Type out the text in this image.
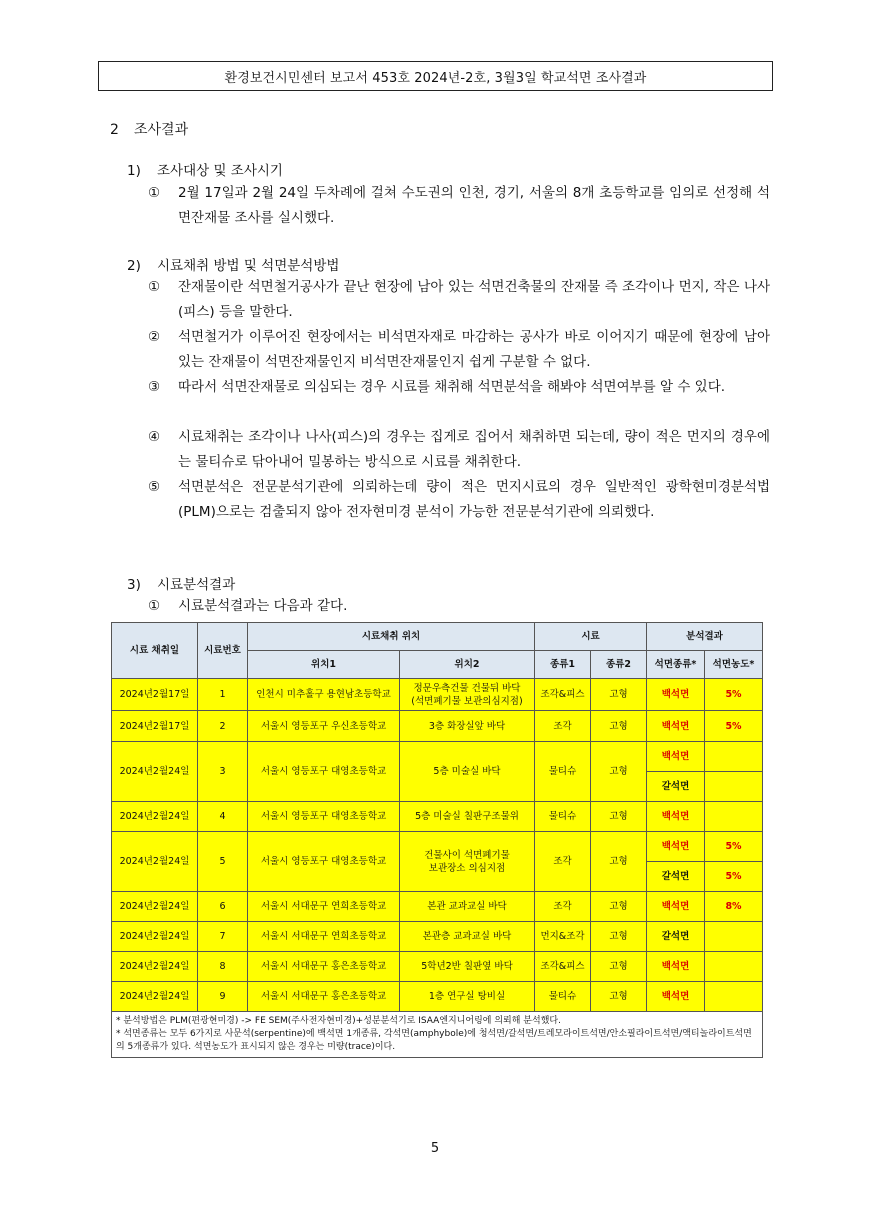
환경보건시민센터 보고서 453호 2024년-2호, 3월3일 학교석면 조사결과
2 조사결과
1) 조사대상 및 조사시기
①	2월 17일과 2월 24일 두차례에 걸쳐 수도권의 인천, 경기, 서울의 8개 초등학교를 임의로 선정해 석면잔재물 조사를 실시했다.
2) 시료채취 방법 및 석면분석방법
①	잔재물이란 석면철거공사가 끝난 현장에 남아 있는 석면건축물의 잔재물 즉 조각이나 먼지, 작은 나사(피스) 등을 말한다.
②	석면철거가 이루어진 현장에서는 비석면자재로 마감하는 공사가 바로 이어지기 때문에 현장에 남아 있는 잔재물이 석면잔재물인지 비석면잔재물인지 쉽게 구분할 수 없다.
③	따라서 석면잔재물로 의심되는 경우 시료를 채취해 석면분석을 해봐야 석면여부를 알 수 있다.
④	시료채취는 조각이나 나사(피스)의 경우는 집게로 집어서 채취하면 되는데, 량이 적은 먼지의 경우에는 물티슈로 닦아내어 밀봉하는 방식으로 시료를 채취한다.
⑤	석면분석은 전문분석기관에 의뢰하는데 량이 적은 먼지시료의 경우 일반적인 광학현미경분석법(PLM)으로는 검출되지 않아 전자현미경 분석이 가능한 전문분석기관에 의뢰했다.
3) 시료분석결과
①	시료분석결과는 다음과 같다.
시료 채취일	시료번호	시료채취 위치		시료		분석결과	
		위치1	위치2	종류1	종류2	석면종류*	석면농도*
2024년2월17일	1	인천시 미추홀구 용현남초등학교	정문우측건물 건물뒤 바닥
(석면폐기물 보관의심지점)	조각&피스	고형	백석면	5%
2024년2월17일	2	서울시 영등포구 우신초등학교	3층 화장실앞 바닥	조각	고형	백석면	5%
2024년2월24일	3	서울시 영등포구 대영초등학교	5층 미술실 바닥	물티슈	고형	백석면	
						갈석면	
2024년2월24일	4	서울시 영등포구 대영초등학교	5층 미술실 칠판구조물위	물티슈	고형	백석면	
2024년2월24일	5	서울시 영등포구 대영초등학교	건물사이 석면폐기물
보관장소 의심지점	조각	고형	백석면	5%
						갈석면	5%
2024년2월24일	6	서울시 서대문구 연희초등학교	본관 교과교실 바닥	조각	고형	백석면	8%
2024년2월24일	7	서울시 서대문구 연희초등학교	본관층 교과교실 바닥	먼지&조각	고형	갈석면	
2024년2월24일	8	서울시 서대문구 홍은초등학교	5학년2반 칠판옆 바닥	조각&피스	고형	백석면	
2024년2월24일	9	서울시 서대문구 홍은초등학교	1층 연구실 탕비실	물티슈	고형	백석면	

* 분석방법은 PLM(편광현미경) -> FE SEM(주사전자현미경)+성분분석기로 ISAA엔지니어링에 의뢰해 분석했다.
* 석면종류는 모두 6가지로 사문석(serpentine)에 백석면 1개종류, 각석면(amphybole)에 청석면/갈석면/트레모라이트석면/안소필라이트석면/액티놀라이트석면의 5개종류가 있다. 석면농도가 표시되지 않은 경우는 미량(trace)이다.							
5
